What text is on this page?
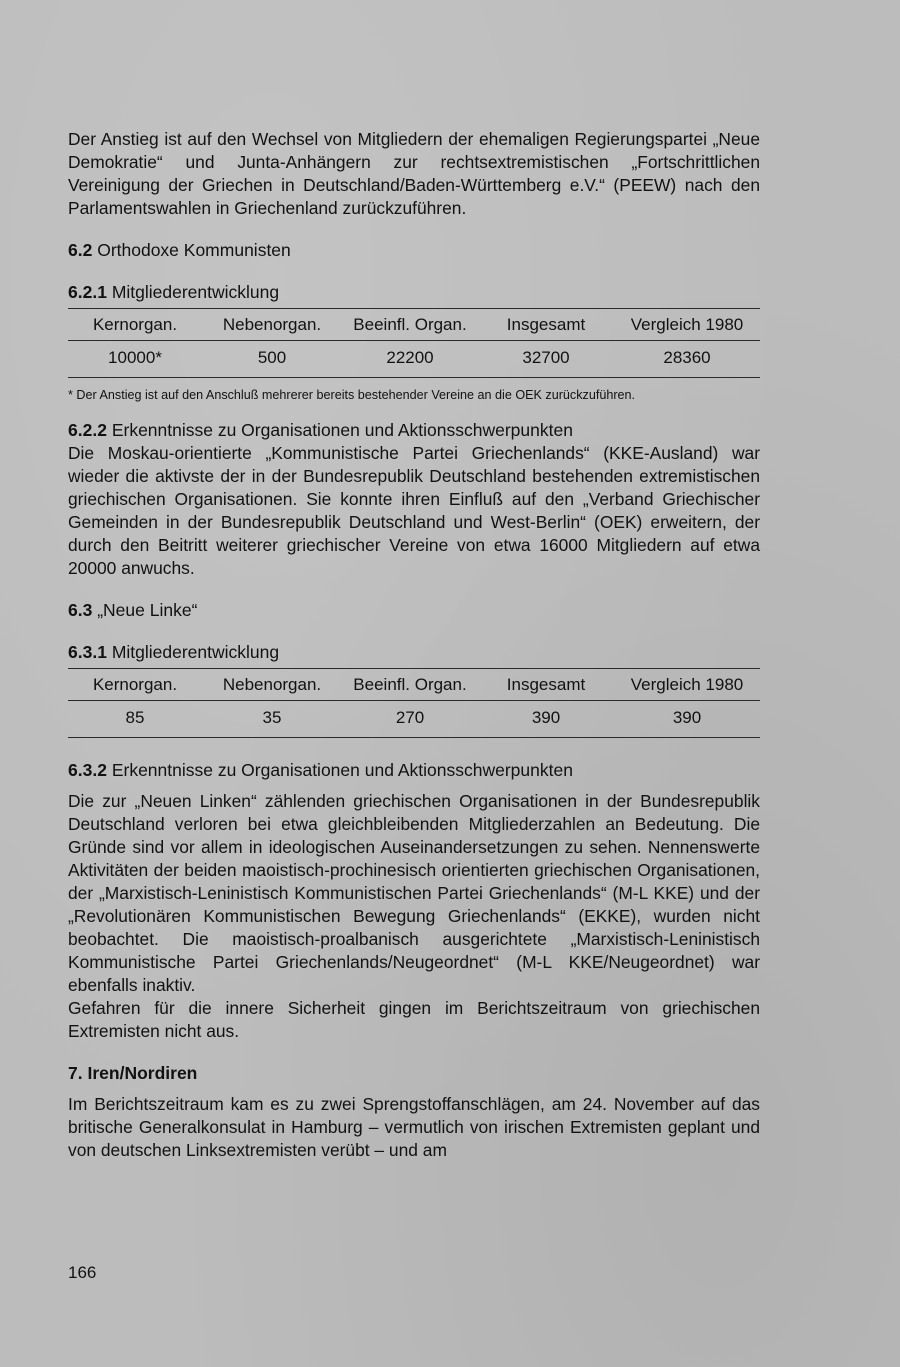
Der Anstieg ist auf den Wechsel von Mitgliedern der ehemaligen Regierungspartei „Neue Demokratie“ und Junta-Anhängern zur rechtsextremistischen „Fortschrittlichen Vereinigung der Griechen in Deutschland/Baden-Württemberg e.V.“ (PEEW) nach den Parlamentswahlen in Griechenland zurückzuführen.

6.2 Orthodoxe Kommunisten

6.2.1 Mitgliederentwicklung

Kernorgan.	Nebenorgan.	Beeinfl. Organ.	Insgesamt	Vergleich 1980
10000*	500	22200	32700	28360

* Der Anstieg ist auf den Anschluß mehrerer bereits bestehender Vereine an die OEK zurückzuführen.

6.2.2 Erkenntnisse zu Organisationen und Aktionsschwerpunkten

Die Moskau-orientierte „Kommunistische Partei Griechenlands“ (KKE-Ausland) war wieder die aktivste der in der Bundesrepublik Deutschland bestehenden extremistischen griechischen Organisationen. Sie konnte ihren Einfluß auf den „Verband Griechischer Gemeinden in der Bundesrepublik Deutschland und West-Berlin“ (OEK) erweitern, der durch den Beitritt weiterer griechischer Vereine von etwa 16000 Mitgliedern auf etwa 20000 anwuchs.

6.3 „Neue Linke“

6.3.1 Mitgliederentwicklung

Kernorgan.	Nebenorgan.	Beeinfl. Organ.	Insgesamt	Vergleich 1980
85	35	270	390	390

6.3.2 Erkenntnisse zu Organisationen und Aktionsschwerpunkten

Die zur „Neuen Linken“ zählenden griechischen Organisationen in der Bundesrepublik Deutschland verloren bei etwa gleichbleibenden Mitgliederzahlen an Bedeutung. Die Gründe sind vor allem in ideologischen Auseinandersetzungen zu sehen. Nennenswerte Aktivitäten der beiden maoistisch-prochinesisch orientierten griechischen Organisationen, der „Marxistisch-Leninistisch Kommunistischen Partei Griechenlands“ (M-L KKE) und der „Revolutionären Kommunistischen Bewegung Griechenlands“ (EKKE), wurden nicht beobachtet. Die maoistisch-proalbanisch ausgerichtete „Marxistisch-Leninistisch Kommunistische Partei Griechenlands/Neugeordnet“ (M-L KKE/Neugeordnet) war ebenfalls inaktiv.

Gefahren für die innere Sicherheit gingen im Berichtszeitraum von griechischen Extremisten nicht aus.

7. Iren/Nordiren

Im Berichtszeitraum kam es zu zwei Sprengstoffanschlägen, am 24. November auf das britische Generalkonsulat in Hamburg – vermutlich von irischen Extremisten geplant und von deutschen Linksextremisten verübt – und am

166
